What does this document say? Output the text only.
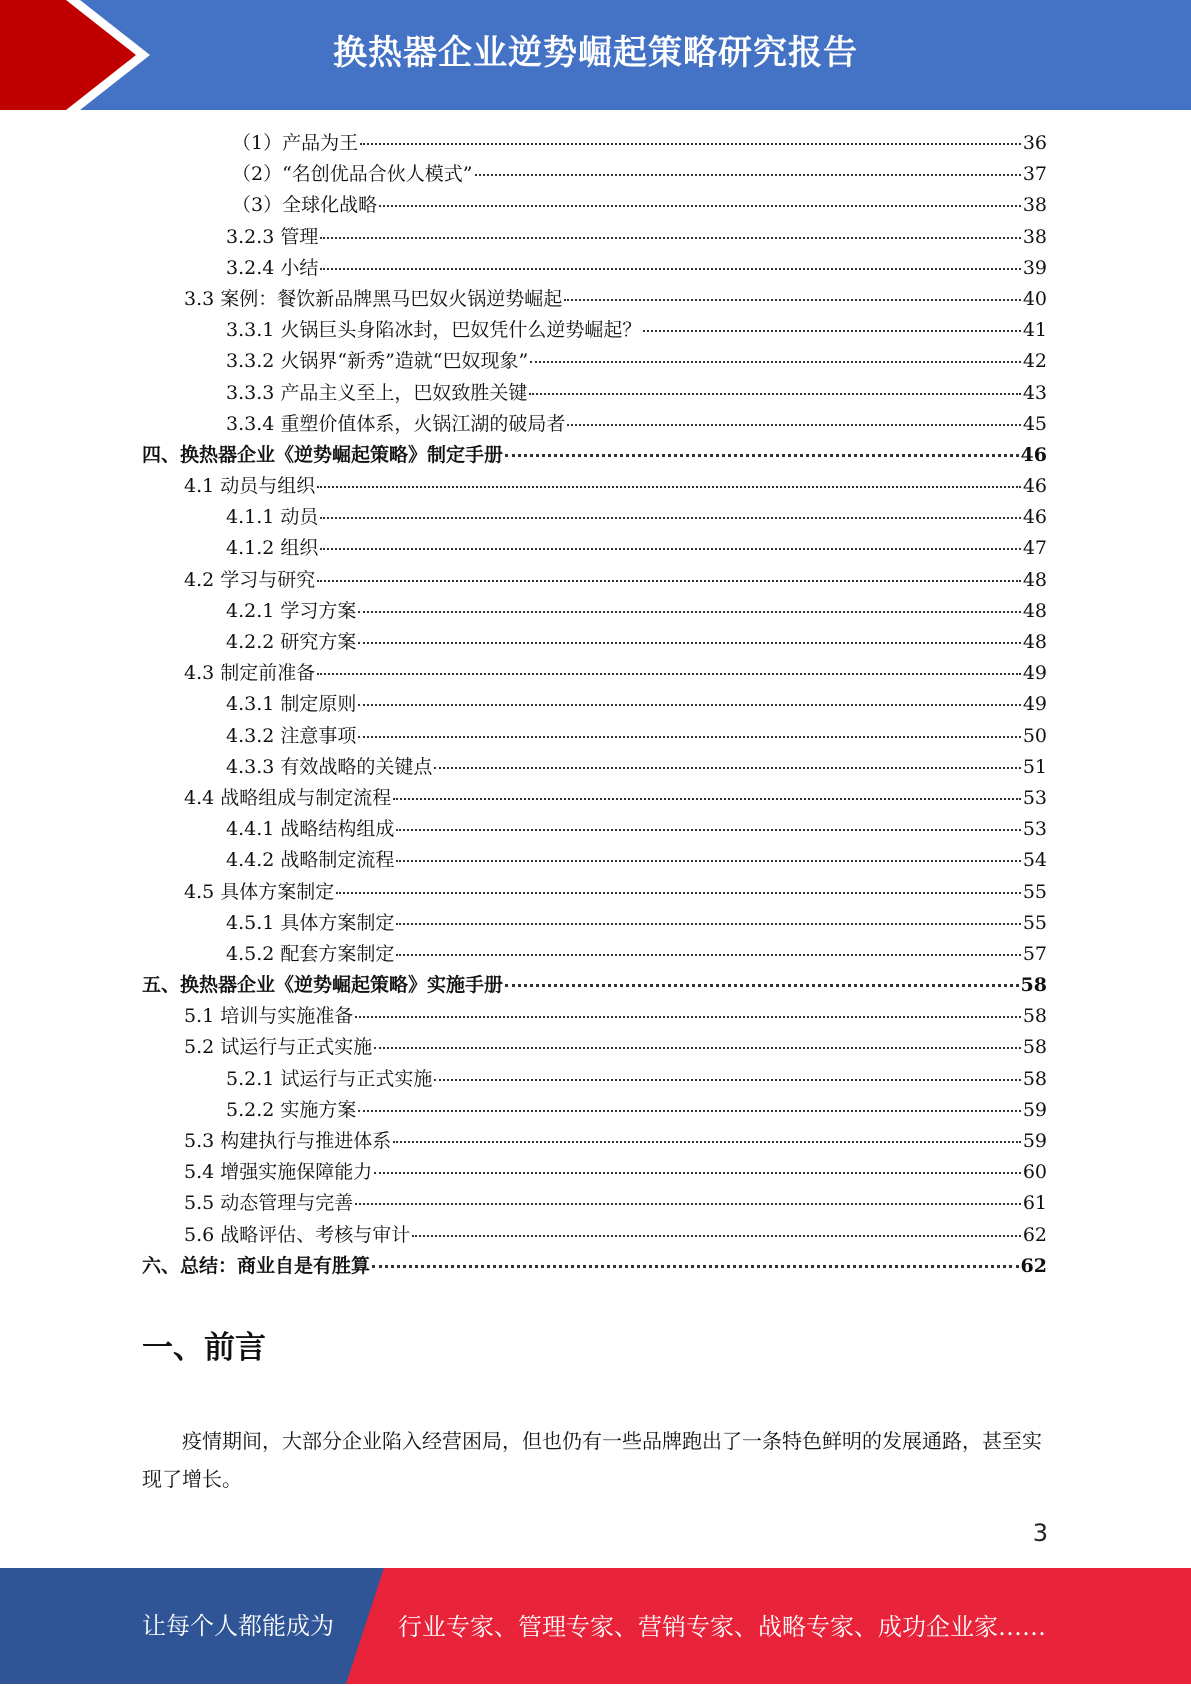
换热器企业逆势崛起策略研究报告
（1）产品为王	36
（2）“名创优品合伙人模式”	37
（3）全球化战略	38
3.2.3 管理	38
3.2.4 小结	39
3.3 案例：餐饮新品牌黑马巴奴火锅逆势崛起	40
3.3.1 火锅巨头身陷冰封，巴奴凭什么逆势崛起？	41
3.3.2 火锅界“新秀”造就“巴奴现象”	42
3.3.3 产品主义至上，巴奴致胜关键	43
3.3.4 重塑价值体系，火锅江湖的破局者	45
四、换热器企业《逆势崛起策略》制定手册	46
4.1 动员与组织	46
4.1.1 动员	46
4.1.2 组织	47
4.2 学习与研究	48
4.2.1 学习方案	48
4.2.2 研究方案	48
4.3 制定前准备	49
4.3.1 制定原则	49
4.3.2 注意事项	50
4.3.3 有效战略的关键点	51
4.4 战略组成与制定流程	53
4.4.1 战略结构组成	53
4.4.2 战略制定流程	54
4.5 具体方案制定	55
4.5.1 具体方案制定	55
4.5.2 配套方案制定	57
五、换热器企业《逆势崛起策略》实施手册	58
5.1 培训与实施准备	58
5.2 试运行与正式实施	58
5.2.1 试运行与正式实施	58
5.2.2 实施方案	59
5.3 构建执行与推进体系	59
5.4 增强实施保障能力	60
5.5 动态管理与完善	61
5.6 战略评估、考核与审计	62
六、总结：商业自是有胜算	62
一、前言
疫情期间，大部分企业陷入经营困局，但也仍有一些品牌跑出了一条特色鲜明的发展通路，甚至实现了增长。
3
让每个人都能成为	行业专家、管理专家、营销专家、战略专家、成功企业家……
